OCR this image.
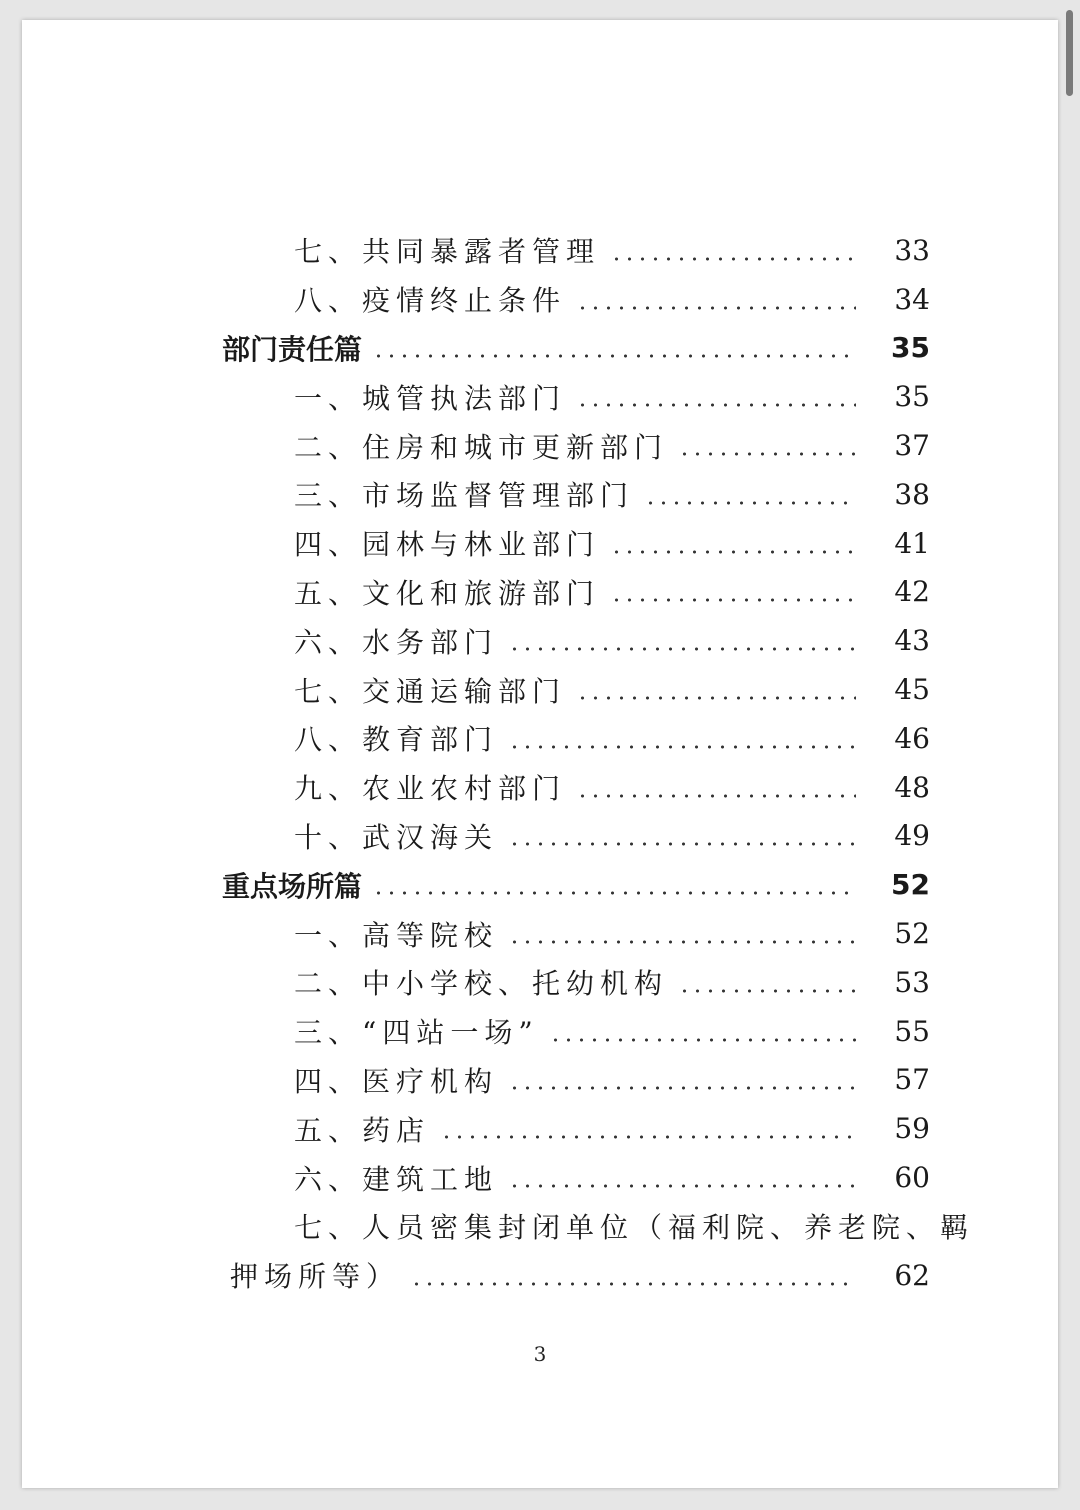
七、共同暴露者管理	33
八、疫情终止条件	34
部门责任篇	35
一、城管执法部门	35
二、住房和城市更新部门	37
三、市场监督管理部门	38
四、园林与林业部门	41
五、文化和旅游部门	42
六、水务部门	43
七、交通运输部门	45
八、教育部门	46
九、农业农村部门	48
十、武汉海关	49
重点场所篇	52
一、高等院校	52
二、中小学校、托幼机构	53
三、“四站一场”	55
四、医疗机构	57
五、药店	59
六、建筑工地	60
七、人员密集封闭单位（福利院、养老院、羁
押场所等）	62
3
